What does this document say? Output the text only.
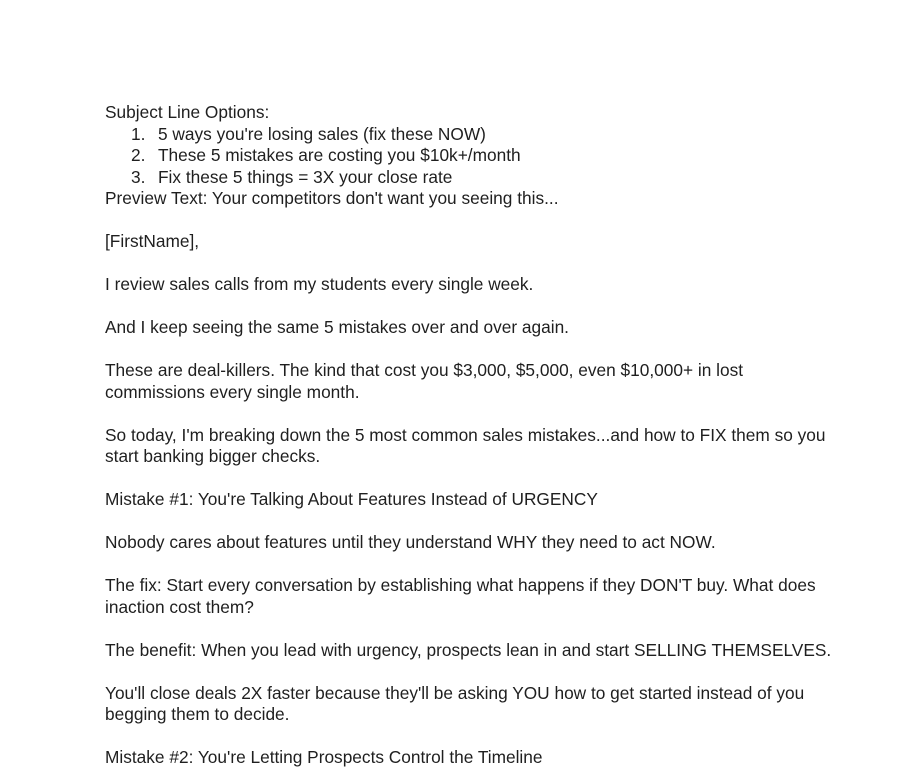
Subject Line Options:
1. 5 ways you're losing sales (fix these NOW)
2. These 5 mistakes are costing you $10k+/month
3. Fix these 5 things = 3X your close rate
Preview Text: Your competitors don't want you seeing this...
[FirstName],
I review sales calls from my students every single week.
And I keep seeing the same 5 mistakes over and over again.
These are deal-killers. The kind that cost you $3,000, $5,000, even $10,000+ in lost
commissions every single month.
So today, I'm breaking down the 5 most common sales mistakes...and how to FIX them so you
start banking bigger checks.
Mistake #1: You're Talking About Features Instead of URGENCY
Nobody cares about features until they understand WHY they need to act NOW.
The fix: Start every conversation by establishing what happens if they DON'T buy. What does
inaction cost them?
The benefit: When you lead with urgency, prospects lean in and start SELLING THEMSELVES.
You'll close deals 2X faster because they'll be asking YOU how to get started instead of you
begging them to decide.
Mistake #2: You're Letting Prospects Control the Timeline
